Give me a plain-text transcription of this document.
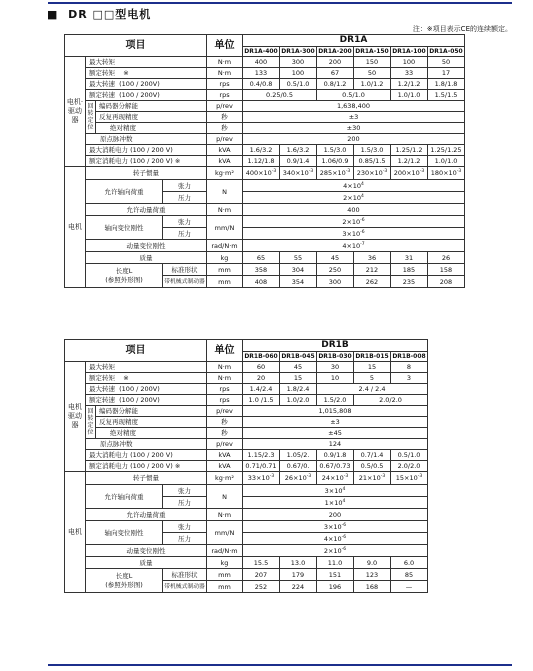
■ DR □□型电机
注：※项目表示CE的连续额定。
项目				单位	DR1A					
					DR1A-400	DR1A-300	DR1A-200	DR1A-150	DR1A-100	DR1A-050
电机·驱动器	最大转矩			N·m	400	300	200	150	100	50
	额定转矩 ※			N·m	133	100	67	50	33	17
	最大转速 (100 / 200V)			rps	0.4/0.8	0.5/1.0	0.8/1.2	1.0/1.2	1.2/1.2	1.8/1.8
	额定转速 (100 / 200V)			rps	0.25/0.5		0.5/1.0		1.0/1.0	1.5/1.5
	回转定位	编码器分解能		p/rev	1,638,400					
		反复再现精度		秒	±3					
		绝对精度		秒	±30					
	原点脉冲数			p/rev	200					
	最大消耗电力 (100 / 200 V)			kVA	1.6/3.2	1.6/3.2	1.5/3.0	1.5/3.0	1.25/1.2	1.25/1.25
	额定消耗电力 (100 / 200 V) ※			kVA	1.12/1.8	0.9/1.4	1.06/0.9	0.85/1.5	1.2/1.2	1.0/1.0
电机	转子惯量			kg·m²	$400\times 10^{-3}$	$340\times 10^{-3}$	$285\times 10^{-3}$	$230\times 10^{-3}$	$200\times 10^{-3}$	$180\times 10^{-3}$
	允许轴向荷重		张力	N	$4\times 10^4$
			压力		$2\times 10^4$
	允许动量荷重			N·m	400					
	轴向变位刚性		张力	mm/N	$2\times 10^{-6}$
			压力		$3\times 10^{-6}$
	动量变位刚性			rad/N·m	$4\times 10^{-7}$
	质量			kg	65	55	45	36	31	26
	长度L
(参照外形图)		标准形状	mm	358	304	250	212	185	158
			带机械式制动器	mm	408	354	300	262	235	208
项目				单位	DR1B					
					DR1B-060	DR1B-045	DR1B-030	DR1B-015	DR1B-008	
电机驱动器	最大转矩			N·m	60	45	30	15	8	
	额定转矩 ※			N·m	20	15	10	5	3	
	最大转速 (100 / 200V)			rps	1.4/2.4	1.8/2.4	2.4 / 2.4			
	额定转速 (100 / 200V)			rps	1.0 /1.5	1.0/2.0	1.5/2.0	2.0/2.0		
	回转定位	编码器分解能		p/rev	1,015,808					
		反复再现精度		秒	±3					
		绝对精度		秒	±45					
	原点脉冲数			p/rev	124					
	最大消耗电力 (100 / 200 V)			kVA	1.15/2.3	1.05/2.	0.9/1.8	0.7/1.4	0.5/1.0	
	额定消耗电力 (100 / 200 V) ※			kVA	0.71/0.71	0.67/0.	0.67/0.73	0.5/0.5	2.0/2.0	
电机	转子惯量			kg·m²	$33\times 10^{-3}$	$26\times 10^{-3}$	$24\times 10^{-3}$	$21\times 10^{-3}$	$15\times 10^{-3}$
	允许轴向荷重		张力	N	$3\times 10^4$
			压力		$1\times 10^4$
	允许动量荷重			N·m	200					
	轴向变位刚性		张力	mm/N	$3\times 10^{-6}$
			压力		$4\times 10^{-6}$
	动量变位刚性			rad/N·m	$2\times 10^{-6}$
	质量			kg	15.5	13.0	11.0	9.0	6.0	
	长度L
(参照外形图)		标准形状	mm	207	179	151	123	85	
			带机械式制动器	mm	252	224	196	168	—	
